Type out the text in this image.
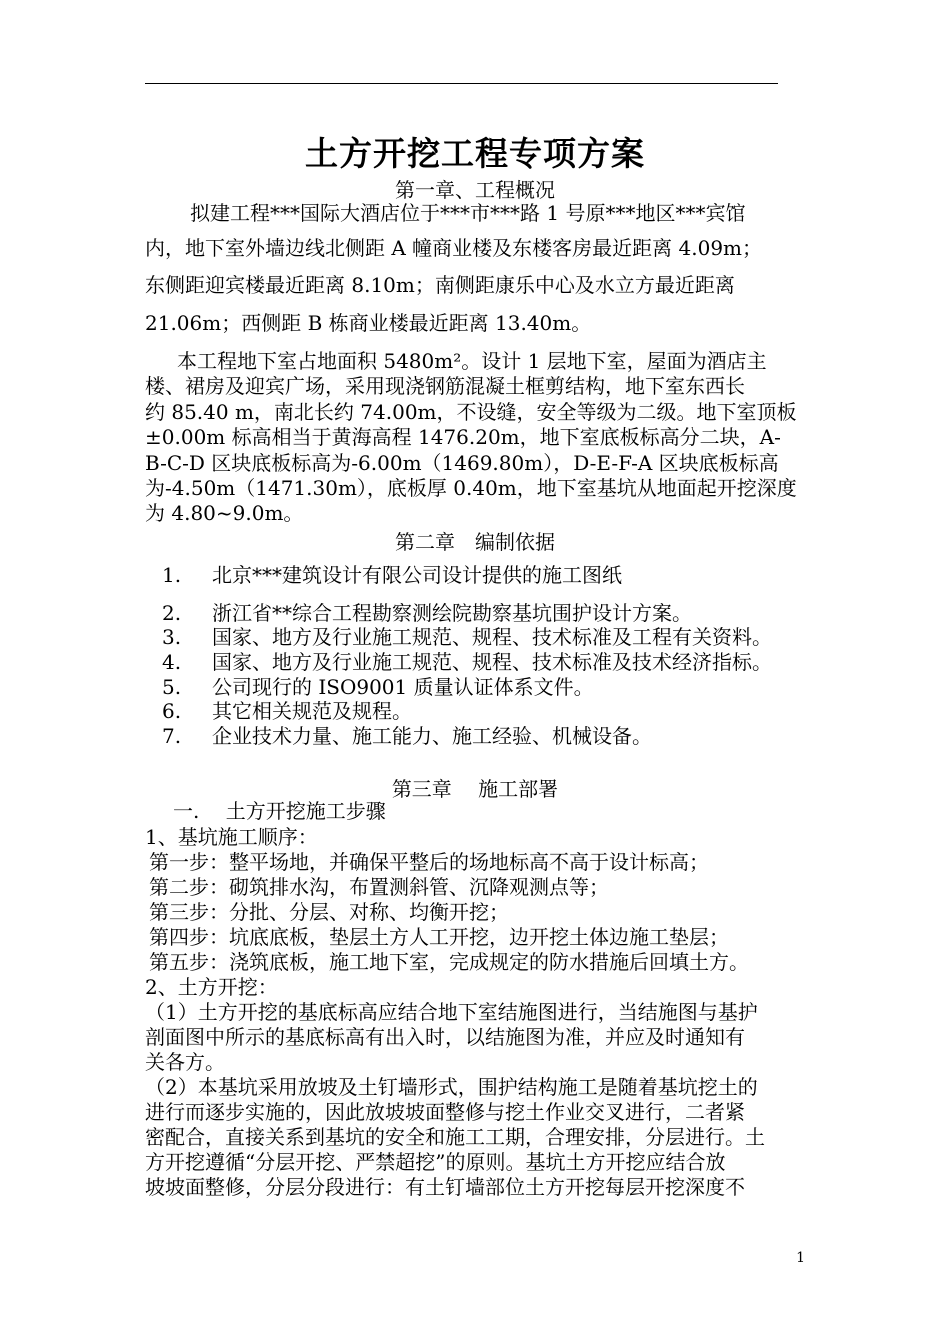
土方开挖工程专项方案
第一章、工程概况
拟建工程***国际大酒店位于***市***路 1 号原***地区***宾馆
内，地下室外墙边线北侧距 A 幢商业楼及东楼客房最近距离 4.09m；
东侧距迎宾楼最近距离 8.10m；南侧距康乐中心及水立方最近距离
21.06m；西侧距 B 栋商业楼最近距离 13.40m。
本工程地下室占地面积 5480m²。设计 1 层地下室，屋面为酒店主
楼、裙房及迎宾广场，采用现浇钢筋混凝土框剪结构，地下室东西长
约 85.40 m，南北长约 74.00m，不设缝，安全等级为二级。地下室顶板
±0.00m 标高相当于黄海高程 1476.20m，地下室底板标高分二块，A-
B-C-D 区块底板标高为-6.00m（1469.80m），D-E-F-A 区块底板标高
为-4.50m（1471.30m），底板厚 0.40m，地下室基坑从地面起开挖深度
为 4.80~9.0m。
第二章　编制依据
1. 北京***建筑设计有限公司设计提供的施工图纸
2. 浙江省**综合工程勘察测绘院勘察基坑围护设计方案。
3. 国家、地方及行业施工规范、规程、技术标准及工程有关资料。
4. 国家、地方及行业施工规范、规程、技术标准及技术经济指标。
5. 公司现行的 ISO9001 质量认证体系文件。
6. 其它相关规范及规程。
7. 企业技术力量、施工能力、施工经验、机械设备。
第三章　 施工部署
一.　 土方开挖施工步骤
1、基坑施工顺序：
第一步：整平场地，并确保平整后的场地标高不高于设计标高；
第二步：砌筑排水沟，布置测斜管、沉降观测点等；
第三步：分批、分层、对称、均衡开挖；
第四步：坑底底板，垫层土方人工开挖，边开挖土体边施工垫层；
第五步：浇筑底板，施工地下室，完成规定的防水措施后回填土方。
2、土方开挖：
（1）土方开挖的基底标高应结合地下室结施图进行，当结施图与基护
剖面图中所示的基底标高有出入时，以结施图为准，并应及时通知有
关各方。
（2）本基坑采用放坡及土钉墙形式，围护结构施工是随着基坑挖土的
进行而逐步实施的，因此放坡坡面整修与挖土作业交叉进行，二者紧
密配合，直接关系到基坑的安全和施工工期，合理安排，分层进行。土
方开挖遵循“分层开挖、严禁超挖”的原则。基坑土方开挖应结合放
坡坡面整修，分层分段进行：有土钉墙部位土方开挖每层开挖深度不
1
